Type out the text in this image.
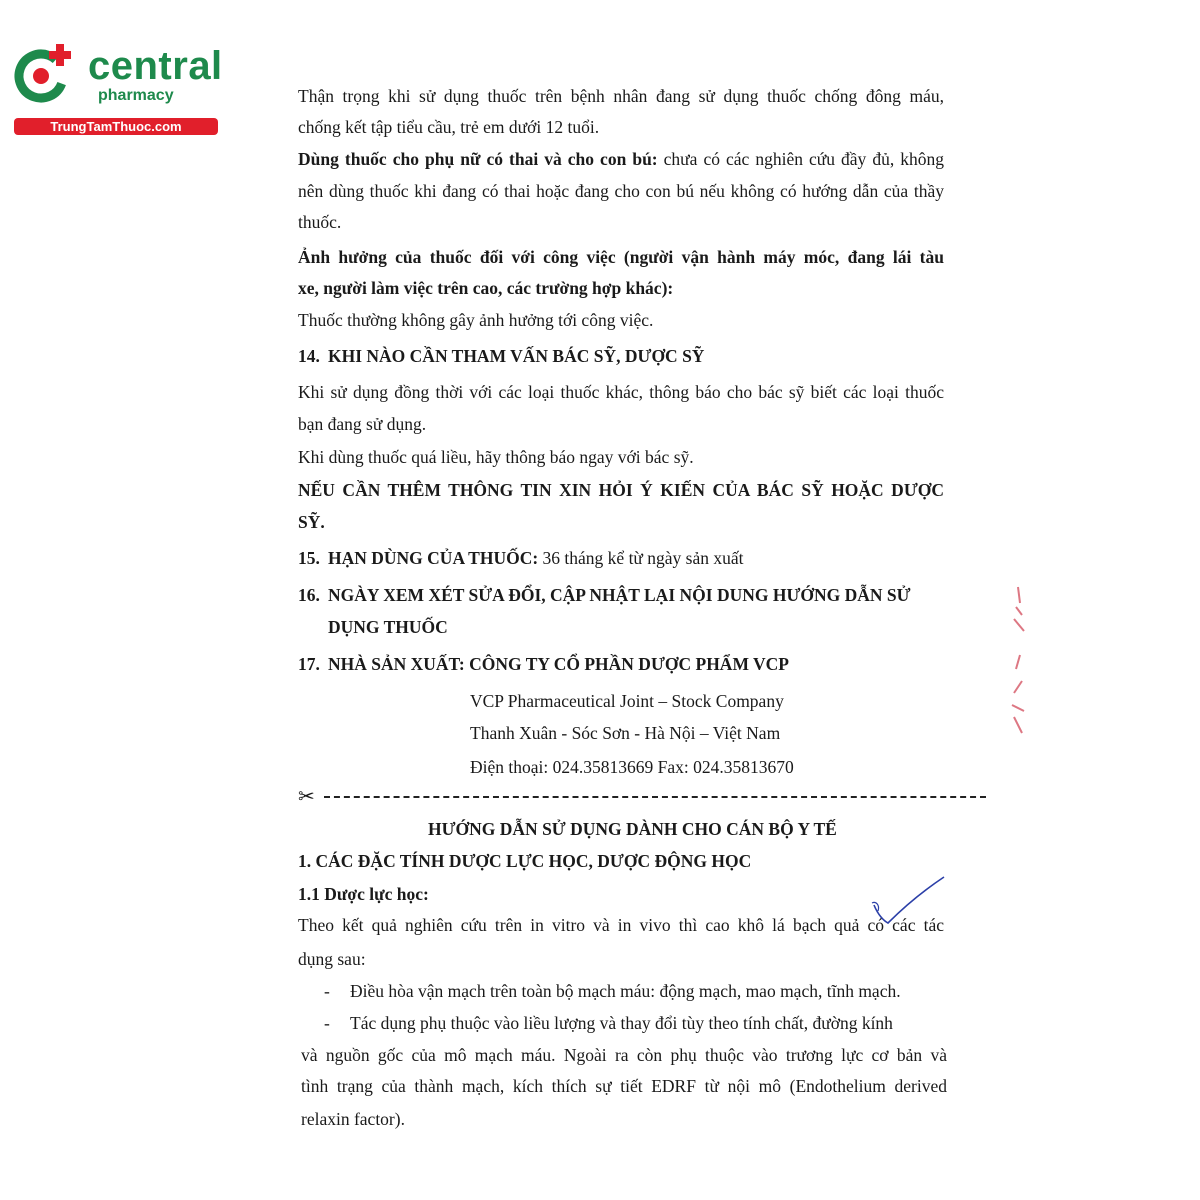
central
pharmacy
TrungTamThuoc.com
Thận trọng khi sử dụng thuốc trên bệnh nhân đang sử dụng thuốc chống đông máu,
chống kết tập tiểu cầu, trẻ em dưới 12 tuổi.
Dùng thuốc cho phụ nữ có thai và cho con bú: chưa có các nghiên cứu đầy đủ, không
nên dùng thuốc khi đang có thai hoặc đang cho con bú nếu không có hướng dẫn của thầy
thuốc.
Ảnh hưởng của thuốc đối với công việc (người vận hành máy móc, đang lái tàu
xe, người làm việc trên cao, các trường hợp khác):
Thuốc thường không gây ảnh hưởng tới công việc.
14. KHI NÀO CẦN THAM VẤN BÁC SỸ, DƯỢC SỸ
Khi sử dụng đồng thời với các loại thuốc khác, thông báo cho bác sỹ biết các loại thuốc
bạn đang sử dụng.
Khi dùng thuốc quá liều, hãy thông báo ngay với bác sỹ.
NẾU CẦN THÊM THÔNG TIN XIN HỎI Ý KIẾN CỦA BÁC SỸ HOẶC DƯỢC
SỸ.
15. HẠN DÙNG CỦA THUỐC: 36 tháng kể từ ngày sản xuất
16. NGÀY XEM XÉT SỬA ĐỔI, CẬP NHẬT LẠI NỘI DUNG HƯỚNG DẪN SỬ
DỤNG THUỐC
17. NHÀ SẢN XUẤT: CÔNG TY CỔ PHẦN DƯỢC PHẨM VCP
VCP Pharmaceutical Joint – Stock Company
Thanh Xuân - Sóc Sơn - Hà Nội – Việt Nam
Điện thoại: 024.35813669 Fax: 024.35813670
HƯỚNG DẪN SỬ DỤNG DÀNH CHO CÁN BỘ Y TẾ
1. CÁC ĐẶC TÍNH DƯỢC LỰC HỌC, DƯỢC ĐỘNG HỌC
1.1 Dược lực học:
Theo kết quả nghiên cứu trên in vitro và in vivo thì cao khô lá bạch quả có các tác
dụng sau:
- Điều hòa vận mạch trên toàn bộ mạch máu: động mạch, mao mạch, tĩnh mạch.
- Tác dụng phụ thuộc vào liều lượng và thay đổi tùy theo tính chất, đường kính
và nguồn gốc của mô mạch máu. Ngoài ra còn phụ thuộc vào trương lực cơ bản và
tình trạng của thành mạch, kích thích sự tiết EDRF từ nội mô (Endothelium derived
relaxin factor).
✂
